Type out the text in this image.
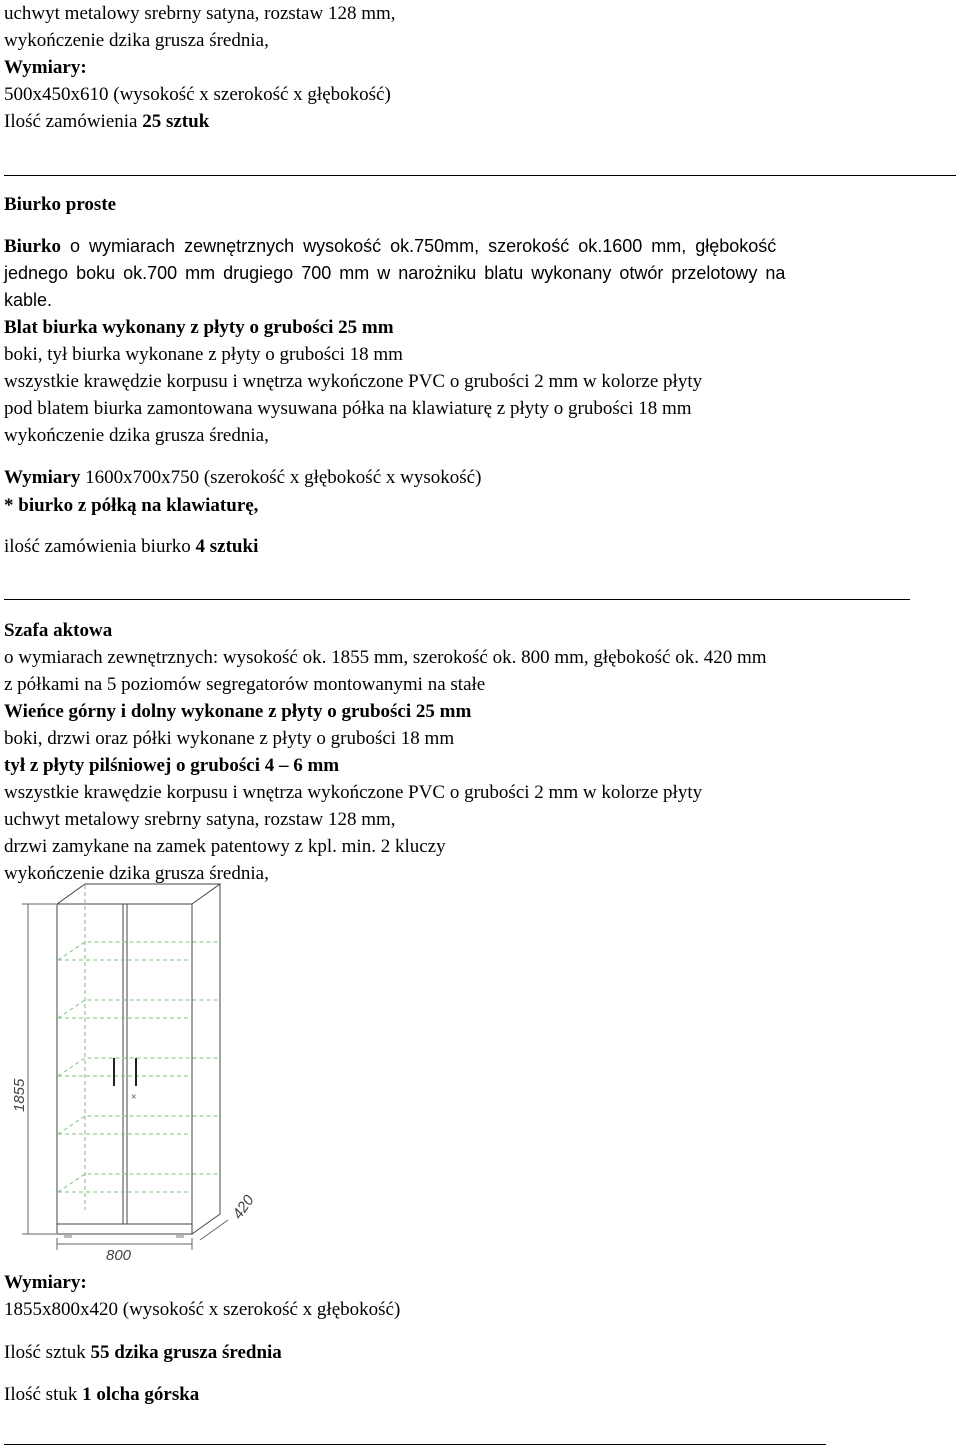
uchwyt metalowy srebrny satyna, rozstaw 128 mm,
wykończenie dzika grusza średnia,
Wymiary:
500x450x610 (wysokość x szerokość x głębokość)
Ilość zamówienia 25 sztuk
Biurko proste
Biurko o wymiarach zewnętrznych wysokość ok.750mm, szerokość ok.1600 mm, głębokość
jednego boku ok.700 mm drugiego 700 mm w narożniku blatu wykonany otwór przelotowy na
kable.
Blat biurka wykonany z płyty o grubości 25 mm
boki, tył biurka wykonane z płyty o grubości 18 mm
wszystkie krawędzie korpusu i wnętrza wykończone PVC o grubości 2 mm w kolorze płyty
pod blatem biurka zamontowana wysuwana półka na klawiaturę z płyty o grubości 18 mm
wykończenie dzika grusza średnia,
Wymiary 1600x700x750 (szerokość x głębokość x wysokość)
* biurko z półką na klawiaturę,
ilość zamówienia biurko 4 sztuki
Szafa aktowa
o wymiarach zewnętrznych: wysokość ok. 1855 mm, szerokość ok. 800 mm, głębokość ok. 420 mm
z półkami na 5 poziomów segregatorów montowanymi na stałe
Wieńce górny i dolny wykonane z płyty o grubości 25 mm
boki, drzwi oraz półki wykonane z płyty o grubości 18 mm
tył z płyty pilśniowej o grubości 4 – 6 mm
wszystkie krawędzie korpusu i wnętrza wykończone PVC o grubości 2 mm w kolorze płyty
uchwyt metalowy srebrny satyna, rozstaw 128 mm,
drzwi zamykane na zamek patentowy z kpl. min. 2 kluczy
wykończenie dzika grusza średnia,
×
1855
800
420
Wymiary:
1855x800x420 (wysokość x szerokość x głębokość)
Ilość sztuk 55 dzika grusza średnia
Ilość stuk 1 olcha górska
